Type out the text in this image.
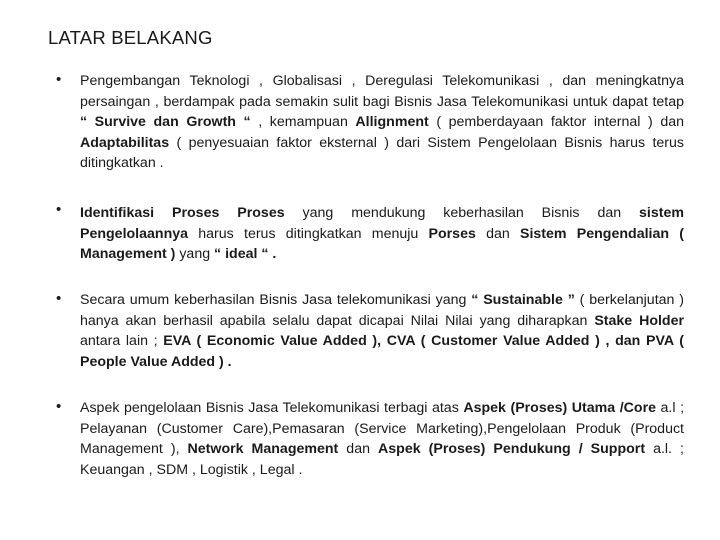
LATAR BELAKANG
• Pengembangan Teknologi , Globalisasi , Deregulasi Telekomunikasi , dan meningkatnya persaingan , berdampak pada semakin sulit bagi Bisnis Jasa Telekomunikasi untuk dapat tetap “ Survive dan Growth “ , kemampuan Allignment ( pemberdayaan faktor internal ) dan Adaptabilitas ( penyesuaian faktor eksternal ) dari Sistem Pengelolaan Bisnis harus terus ditingkatkan .
• Identifikasi Proses Proses yang mendukung keberhasilan Bisnis dan sistem Pengelolaannya harus terus ditingkatkan menuju Porses dan Sistem Pengendalian ( Management ) yang “ ideal “ .
• Secara umum keberhasilan Bisnis Jasa telekomunikasi yang “ Sustainable ” ( berkelanjutan ) hanya akan berhasil apabila selalu dapat dicapai Nilai Nilai yang diharapkan Stake Holder antara lain ; EVA ( Economic Value Added ), CVA ( Customer Value Added ) , dan PVA ( People Value Added ) .
• Aspek pengelolaan Bisnis Jasa Telekomunikasi terbagi atas Aspek (Proses) Utama /Core a.l ; Pelayanan (Customer Care),Pemasaran (Service Marketing),Pengelolaan Produk (Product Management ), Network Management dan Aspek (Proses) Pendukung / Support a.l. ; Keuangan , SDM , Logistik , Legal .
